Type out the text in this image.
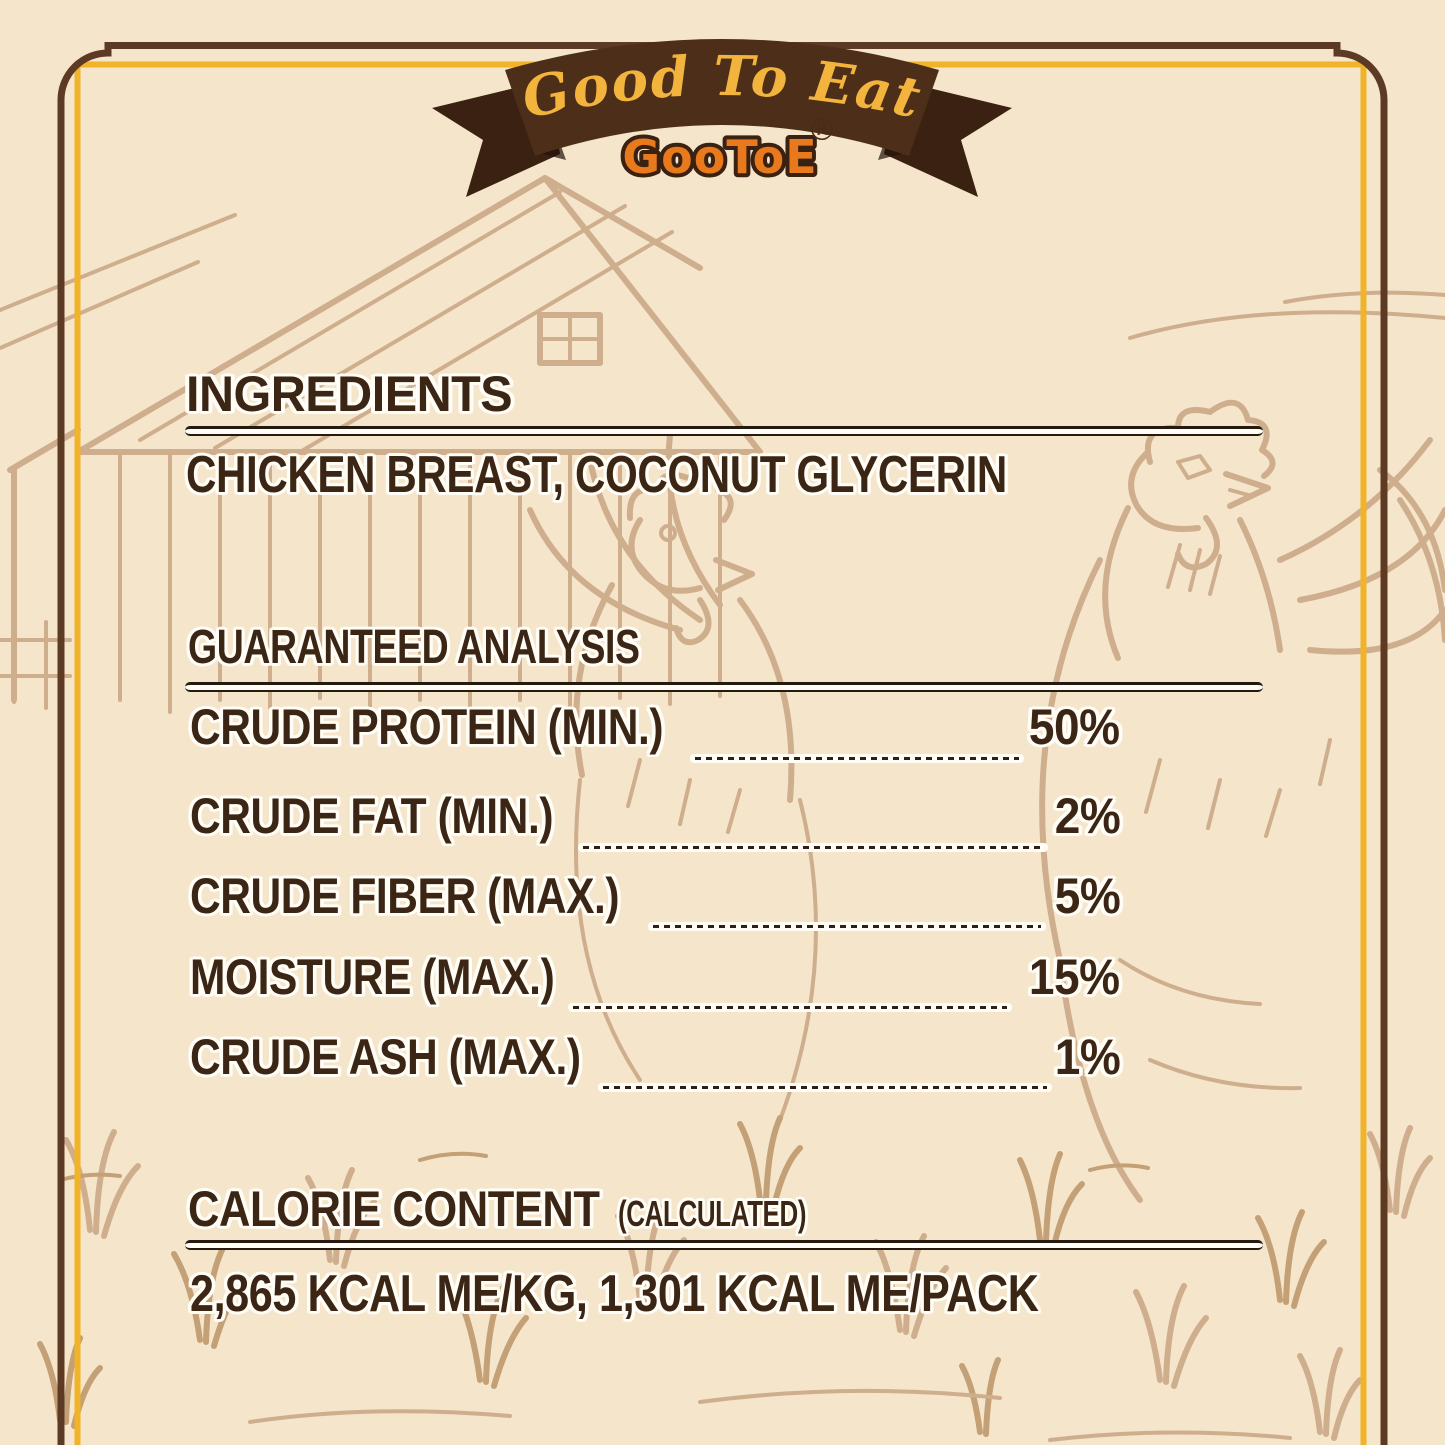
Good To Eat
GooToE
®
INGREDIENTS
CHICKEN BREAST, COCONUT GLYCERIN
GUARANTEED ANALYSIS
CRUDE PROTEIN (MIN.)	50%
CRUDE FAT (MIN.)	2%
CRUDE FIBER (MAX.)	5%
MOISTURE (MAX.)	15%
CRUDE ASH (MAX.)	1%
CALORIE CONTENT (CALCULATED)
2,865 KCAL ME/KG, 1,301 KCAL ME/PACK
